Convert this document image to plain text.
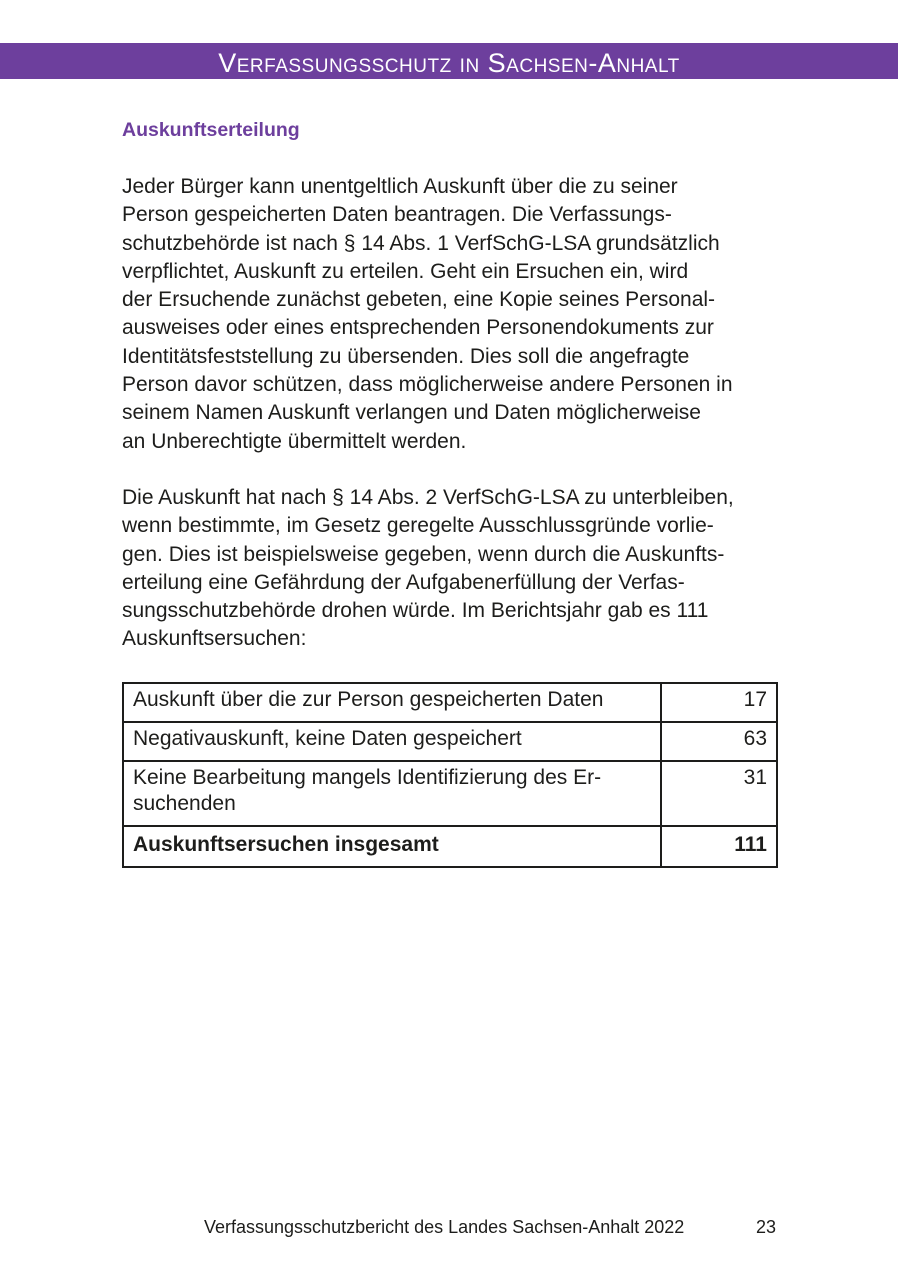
Verfassungsschutz in Sachsen-Anhalt
Auskunftserteilung

Jeder Bürger kann unentgeltlich Auskunft über die zu seiner
Person gespeicherten Daten beantragen. Die Verfassungs-
schutzbehörde ist nach § 14 Abs. 1 VerfSchG-LSA grundsätzlich
verpflichtet, Auskunft zu erteilen. Geht ein Ersuchen ein, wird
der Ersuchende zunächst gebeten, eine Kopie seines Personal-
ausweises oder eines entsprechenden Personendokuments zur
Identitätsfeststellung zu übersenden. Dies soll die angefragte
Person davor schützen, dass möglicherweise andere Personen in
seinem Namen Auskunft verlangen und Daten möglicherweise
an Unberechtigte übermittelt werden.

Die Auskunft hat nach § 14 Abs. 2 VerfSchG-LSA zu unterbleiben,
wenn bestimmte, im Gesetz geregelte Ausschlussgründe vorlie-
gen. Dies ist beispielsweise gegeben, wenn durch die Auskunfts-
erteilung eine Gefährdung der Aufgabenerfüllung der Verfas-
sungsschutzbehörde drohen würde. Im Berichtsjahr gab es 111
Auskunftsersuchen:

Auskunft über die zur Person gespeicherten Daten	17

Negativauskunft, keine Daten gespeichert	63

Keine Bearbeitung mangels Identifizierung des Er-
suchenden	31
Auskunftsersuchen insgesamt	111
Verfassungsschutzbericht des Landes Sachsen-Anhalt 2022	23
